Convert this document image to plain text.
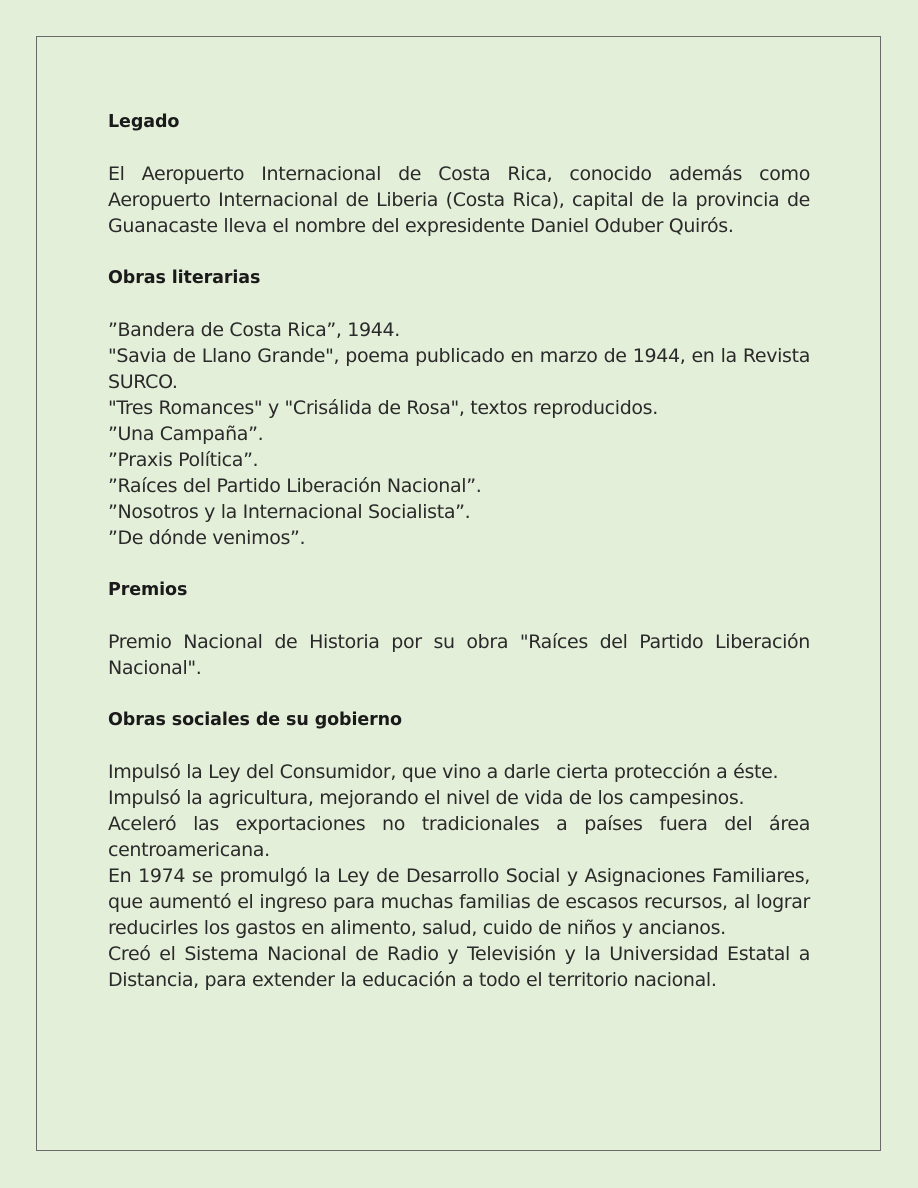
Legado

El Aeropuerto Internacional de Costa Rica, conocido además como Aeropuerto Internacional de Liberia (Costa Rica), capital de la provincia de Guanacaste lleva el nombre del expresidente Daniel Oduber Quirós.

Obras literarias

”Bandera de Costa Rica”, 1944.

"Savia de Llano Grande", poema publicado en marzo de 1944, en la Revista SURCO.

"Tres Romances" y "Crisálida de Rosa", textos reproducidos.

”Una Campaña”.

”Praxis Política”.

”Raíces del Partido Liberación Nacional”.

”Nosotros y la Internacional Socialista”.

”De dónde venimos”.

Premios

Premio Nacional de Historia por su obra "Raíces del Partido Liberación Nacional".

Obras sociales de su gobierno

Impulsó la Ley del Consumidor, que vino a darle cierta protección a éste.

Impulsó la agricultura, mejorando el nivel de vida de los campesinos.

Aceleró las exportaciones no tradicionales a países fuera del área centroamericana.

En 1974 se promulgó la Ley de Desarrollo Social y Asignaciones Familiares, que aumentó el ingreso para muchas familias de escasos recursos, al lograr reducirles los gastos en alimento, salud, cuido de niños y ancianos.

Creó el Sistema Nacional de Radio y Televisión y la Universidad Estatal a Distancia, para extender la educación a todo el territorio nacional.
